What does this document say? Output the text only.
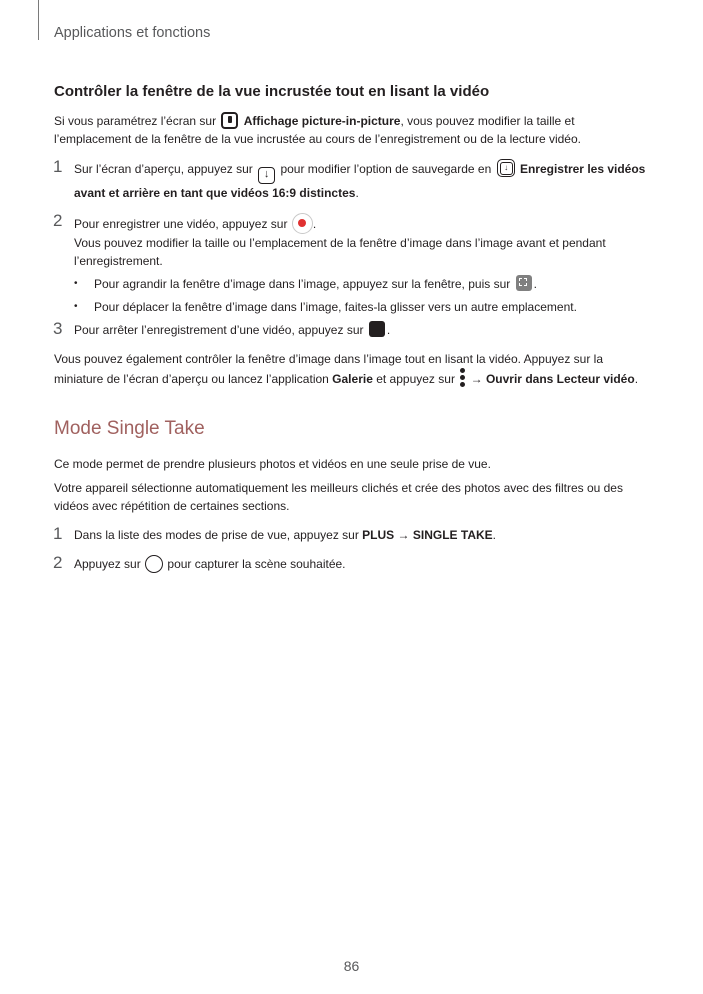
Applications et fonctions
Contrôler la fenêtre de la vue incrustée tout en lisant la vidéo

Si vous paramétrez l’écran sur Affichage picture-in-picture, vous pouvez modifier la taille et l’emplacement de la fenêtre de la vue incrustée au cours de l’enregistrement ou de la lecture vidéo.

1 Sur l’écran d’aperçu, appuyez sur ↓ pour modifier l’option de sauvegarde en	↓ Enregistrer les vidéos avant et arrière en tant que vidéos 16:9 distinctes.
2 Pour enregistrer une vidéo, appuyez sur .
Vous pouvez modifier la taille ou l’emplacement de la fenêtre d’image dans l’image avant et pendant l’enregistrement.
• Pour agrandir la fenêtre d’image dans l’image, appuyez sur la fenêtre, puis sur .
• Pour déplacer la fenêtre d’image dans l’image, faites-la glisser vers un autre emplacement.
3 Pour arrêter l’enregistrement d’une vidéo, appuyez sur .

Vous pouvez également contrôler la fenêtre d’image dans l’image tout en lisant la vidéo. Appuyez sur la miniature de l’écran d’aperçu ou lancez l’application Galerie et appuyez sur → Ouvrir dans Lecteur vidéo.

Mode Single Take

Ce mode permet de prendre plusieurs photos et vidéos en une seule prise de vue.

Votre appareil sélectionne automatiquement les meilleurs clichés et crée des photos avec des filtres ou des vidéos avec répétition de certaines sections.

1 Dans la liste des modes de prise de vue, appuyez sur PLUS → SINGLE TAKE.
2 Appuyez sur pour capturer la scène souhaitée.
86
